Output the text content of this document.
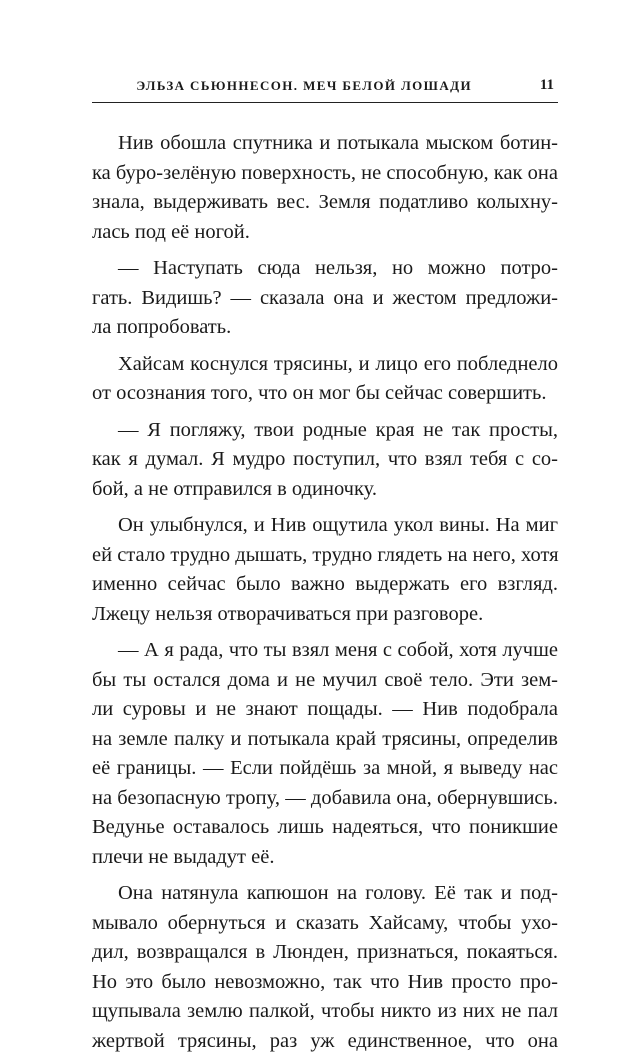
ЭЛЬЗА СЬЮННЕСОН. МЕЧ БЕЛОЙ ЛОШАДИ	11

Нив обошла спутника и потыкала мыском ботин-
ка буро-зелёную поверхность, не способную, как она
знала, выдерживать вес. Земля податливо колыхну-
лась под её ногой.

— Наступать сюда нельзя, но можно потро-
гать. Видишь? — сказала она и жестом предложи-
ла попробовать.

Хайсам коснулся трясины, и лицо его побледнело
от осознания того, что он мог бы сейчас совершить.

— Я погляжу, твои родные края не так просты,
как я думал. Я мудро поступил, что взял тебя с со-
бой, а не отправился в одиночку.

Он улыбнулся, и Нив ощутила укол вины. На миг
ей стало трудно дышать, трудно глядеть на него, хотя
именно сейчас было важно выдержать его взгляд.
Лжецу нельзя отворачиваться при разговоре.

— А я рада, что ты взял меня с собой, хотя лучше
бы ты остался дома и не мучил своё тело. Эти зем-
ли суровы и не знают пощады. — Нив подобрала
на земле палку и потыкала край трясины, определив
её границы. — Если пойдёшь за мной, я выведу нас
на безопасную тропу, — добавила она, обернувшись.
Ведунье оставалось лишь надеяться, что поникшие
плечи не выдадут её.

Она натянула капюшон на голову. Её так и под-
мывало обернуться и сказать Хайсаму, чтобы ухо-
дил, возвращался в Люнден, признаться, покаяться.
Но это было невозможно, так что Нив просто про-
щупывала землю палкой, чтобы никто из них не пал
жертвой трясины, раз уж единственное, что она
